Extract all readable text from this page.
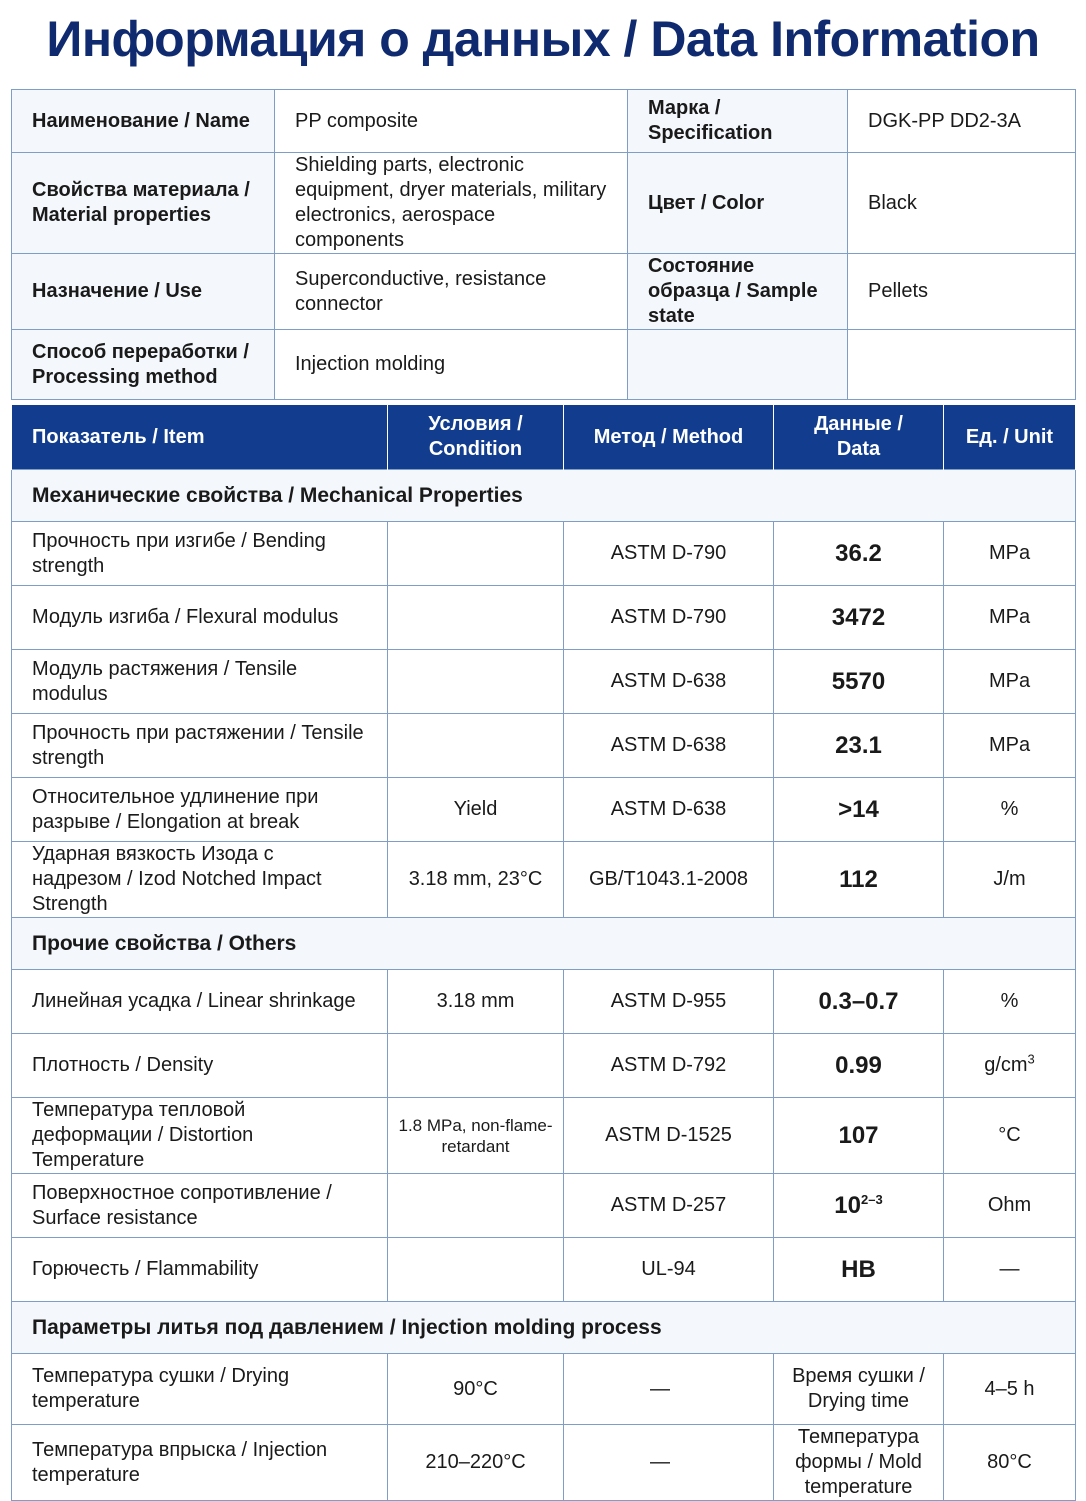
Информация о данных / Data Information
Наименование / Name	PP composite	Марка / Specification	DGK-PP DD2-3A
Свойства материала / Material properties	Shielding parts, electronic equipment, dryer materials, military electronics, aerospace components	Цвет / Color	Black
Назначение / Use	Superconductive, resistance connector	Состояние образца / Sample state	Pellets
Способ переработки / Processing method	Injection molding		
Показатель / Item	Условия / Condition	Метод / Method	Данные / Data	Ед. / Unit
Механические свойства / Mechanical Properties				
Прочность при изгибе / Bending strength		ASTM D-790	36.2	MPa
Модуль изгиба / Flexural modulus		ASTM D-790	3472	MPa
Модуль растяжения / Tensile modulus		ASTM D-638	5570	MPa
Прочность при растяжении / Tensile strength		ASTM D-638	23.1	MPa
Относительное удлинение при разрыве / Elongation at break	Yield	ASTM D-638	>14	%
Ударная вязкость Изода с надрезом / Izod Notched Impact Strength	3.18 mm, 23°C	GB/T1043.1-2008	112	J/m
Прочие свойства / Others				
Линейная усадка / Linear shrinkage	3.18 mm	ASTM D-955	0.3–0.7	%
Плотность / Density		ASTM D-792	0.99	$g/cm^3$
Температура тепловой деформации / Distortion Temperature	1.8 MPa, non-flame-retardant	ASTM D-1525	107	°C
Поверхностное сопротивление / Surface resistance		ASTM D-257	10$^{2-3}$	Ohm
Горючесть / Flammability		UL-94	HB	—
Параметры литья под давлением / Injection molding process				
Температура сушки / Drying temperature	90°C	—	Время сушки / Drying time	4–5 h
Температура впрыска / Injection temperature	210–220°C	—	Температура формы / Mold temperature	80°C
